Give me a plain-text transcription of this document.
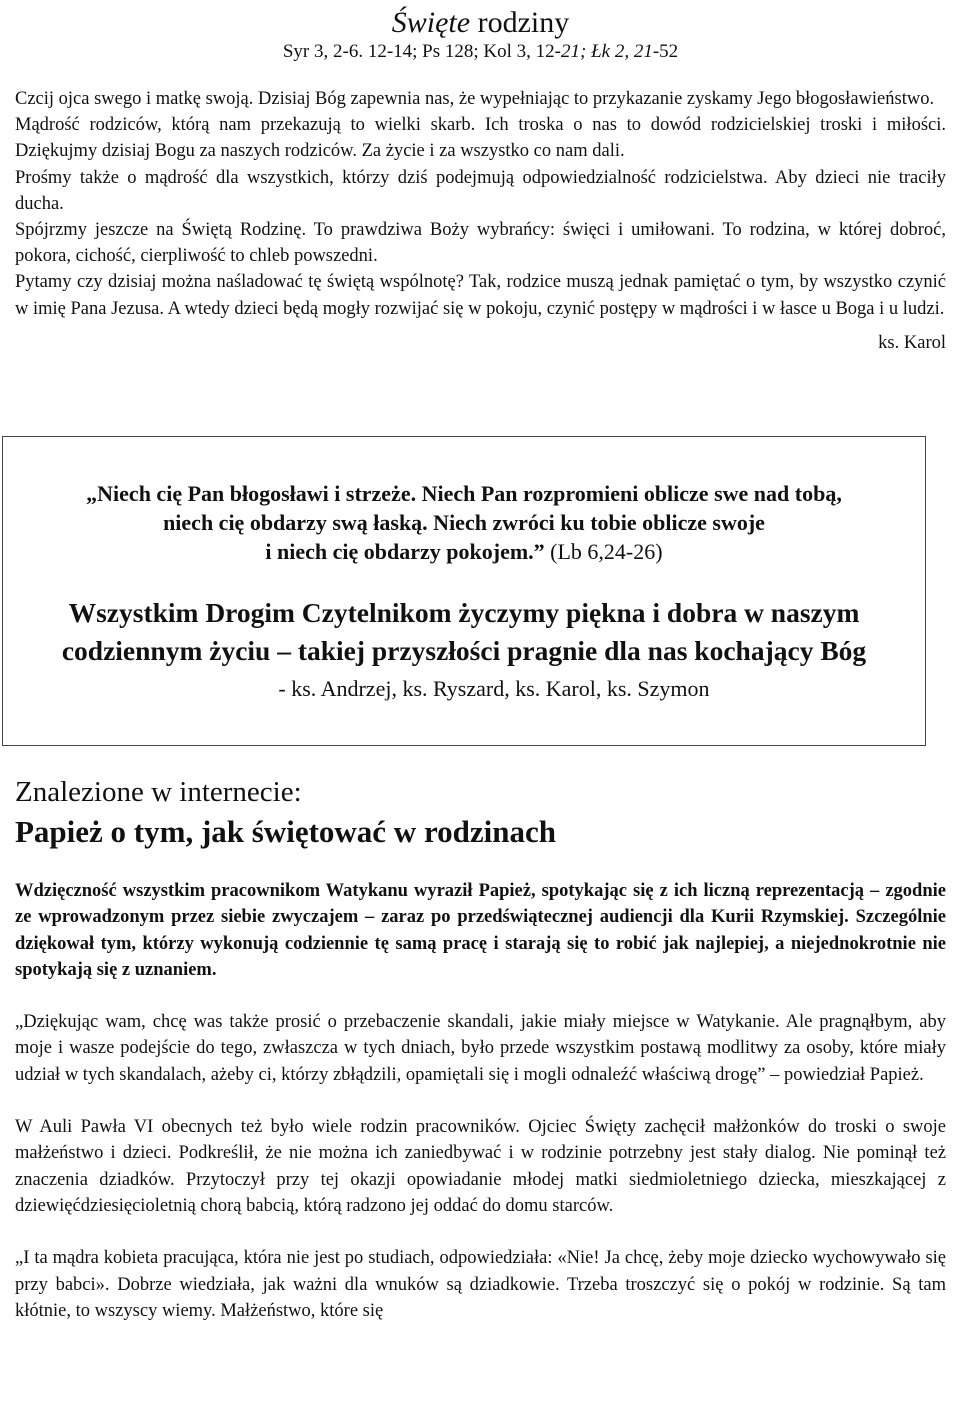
Święte rodziny
Syr 3, 2-6. 12-14; Ps 128; Kol 3, 12-21; Łk 2, 21-52

Czcij ojca swego i matkę swoją. Dzisiaj Bóg zapewnia nas, że wypełniając to przykazanie zyskamy Jego błogosławieństwo.

Mądrość rodziców, którą nam przekazują to wielki skarb. Ich troska o nas to dowód rodzicielskiej troski i miłości. Dziękujmy dzisiaj Bogu za naszych rodziców. Za życie i za wszystko co nam dali.

Prośmy także o mądrość dla wszystkich, którzy dziś podejmują odpowiedzialność rodzicielstwa. Aby dzieci nie traciły ducha.

Spójrzmy jeszcze na Świętą Rodzinę. To prawdziwa Boży wybrańcy: święci i umiłowani. To rodzina, w której dobroć, pokora, cichość, cierpliwość to chleb powszedni.

Pytamy czy dzisiaj można naśladować tę świętą wspólnotę? Tak, rodzice muszą jednak pamiętać o tym, by wszystko czynić w imię Pana Jezusa. A wtedy dzieci będą mogły rozwijać się w pokoju, czynić postępy w mądrości i w łasce u Boga i u ludzi.

ks. Karol
„Niech cię Pan błogosławi i strzeże. Niech Pan rozpromieni oblicze swe nad tobą,
niech cię obdarzy swą łaską. Niech zwróci ku tobie oblicze swoje
i niech cię obdarzy pokojem.” (Lb 6,24-26)
Wszystkim Drogim Czytelnikom życzymy piękna i dobra w naszym
codziennym życiu – takiej przyszłości pragnie dla nas kochający Bóg
- ks. Andrzej, ks. Ryszard, ks. Karol, ks. Szymon
Znalezione w internecie:
Papież o tym, jak świętować w rodzinach

Wdzięczność wszystkim pracownikom Watykanu wyraził Papież, spotykając się z ich liczną reprezentacją – zgodnie ze wprowadzonym przez siebie zwyczajem – zaraz po przedświątecznej audiencji dla Kurii Rzymskiej. Szczególnie dziękował tym, którzy wykonują codziennie tę samą pracę i starają się to robić jak najlepiej, a niejednokrotnie nie spotykają się z uznaniem.

„Dziękując wam, chcę was także prosić o przebaczenie skandali, jakie miały miejsce w Watykanie. Ale pragnąłbym, aby moje i wasze podejście do tego, zwłaszcza w tych dniach, było przede wszystkim postawą modlitwy za osoby, które miały udział w tych skandalach, ażeby ci, którzy zbłądzili, opamiętali się i mogli odnaleźć właściwą drogę” – powiedział Papież.

W Auli Pawła VI obecnych też było wiele rodzin pracowników. Ojciec Święty zachęcił małżonków do troski o swoje małżeństwo i dzieci. Podkreślił, że nie można ich zaniedbywać i w rodzinie potrzebny jest stały dialog. Nie pominął też znaczenia dziadków. Przytoczył przy tej okazji opowiadanie młodej matki siedmioletniego dziecka, mieszkającej z dziewięćdziesięcioletnią chorą babcią, którą radzono jej oddać do domu starców.

„I ta mądra kobieta pracująca, która nie jest po studiach, odpowiedziała: «Nie! Ja chcę, żeby moje dziecko wychowywało się przy babci». Dobrze wiedziała, jak ważni dla wnuków są dziadkowie. Trzeba troszczyć się o pokój w rodzinie. Są tam kłótnie, to wszyscy wiemy. Małżeństwo, które się
